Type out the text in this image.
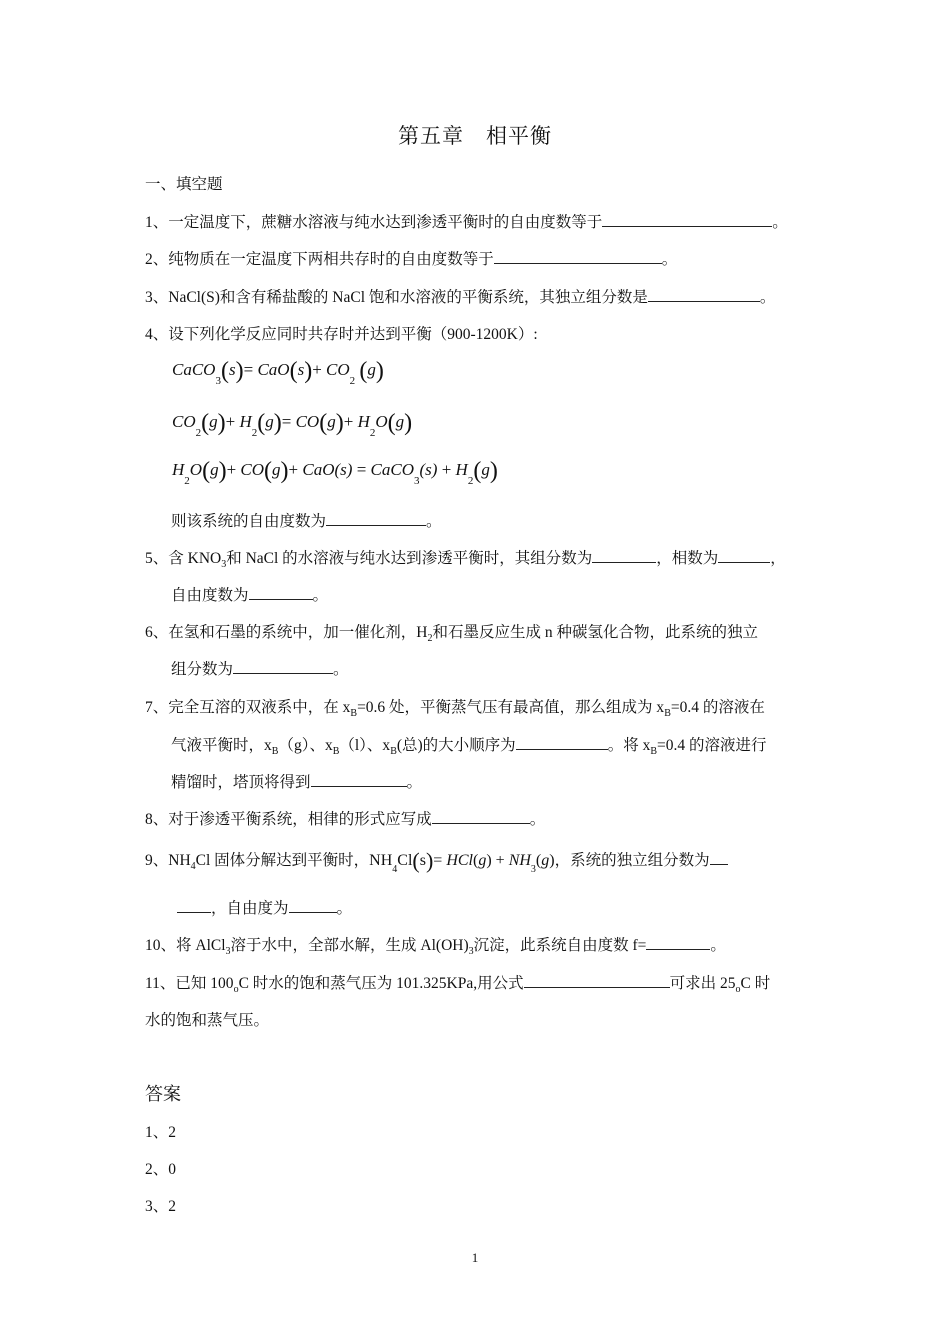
第五章　相平衡
一、填空题
1、一定温度下，蔗糖水溶液与纯水达到渗透平衡时的自由度数等于	。
2、纯物质在一定温度下两相共存时的自由度数等于	。
3、NaCl(S)和含有稀盐酸的 NaCl 饱和水溶液的平衡系统，其独立组分数是	。
4、设下列化学反应同时共存时并达到平衡（900-1200K）:
CaCO$_3$(s)= $CaO(s)+ CO_2$ (g)
$CO_2(g)+ H_2(g)= CO(g)+ H_2O(g)$
$H_2O(g)+ CO(g)+ CaO(s)$ = CaCO$_3$(s) + $H_2(g)$
则该系统的自由度数为	。
5、含 $KNO_3$和 NaCl 的水溶液与纯水达到渗透平衡时，其组分数为	，相数为	，
自由度数为	。
6、在氢和石墨的系统中，加一催化剂，$H_2$和石墨反应生成 n 种碳氢化合物，此系统的独立
组分数为	。
7、完全互溶的双液系中，在 $x_B=0.6$ 处，平衡蒸气压有最高值，那么组成为 $x_B=0.4$ 的溶液在
气液平衡时，$x_B(g)$、$x_B(l)$、$x_B$(总)的大小顺序为	。将 $x_B=0.4$ 的溶液进行
精馏时，塔顶将得到	。
8、对于渗透平衡系统，相律的形式应写成	。
9、$NH_4Cl$ 固体分解达到平衡时，$NH_4Cl(s)= HCl(g) + NH_3(g)$，系统的独立组分数为
，自由度为	。
10、将 AlCl$_3$溶于水中，全部水解，生成 $Al(OH)_3$沉淀，此系统自由度数 f=	。
11、已知 $100_oC$ 时水的饱和蒸气压为 101.325KPa,用公式	可求出 $25_oC$ 时
水的饱和蒸气压。
答案
1、2
2、0
3、2
1
